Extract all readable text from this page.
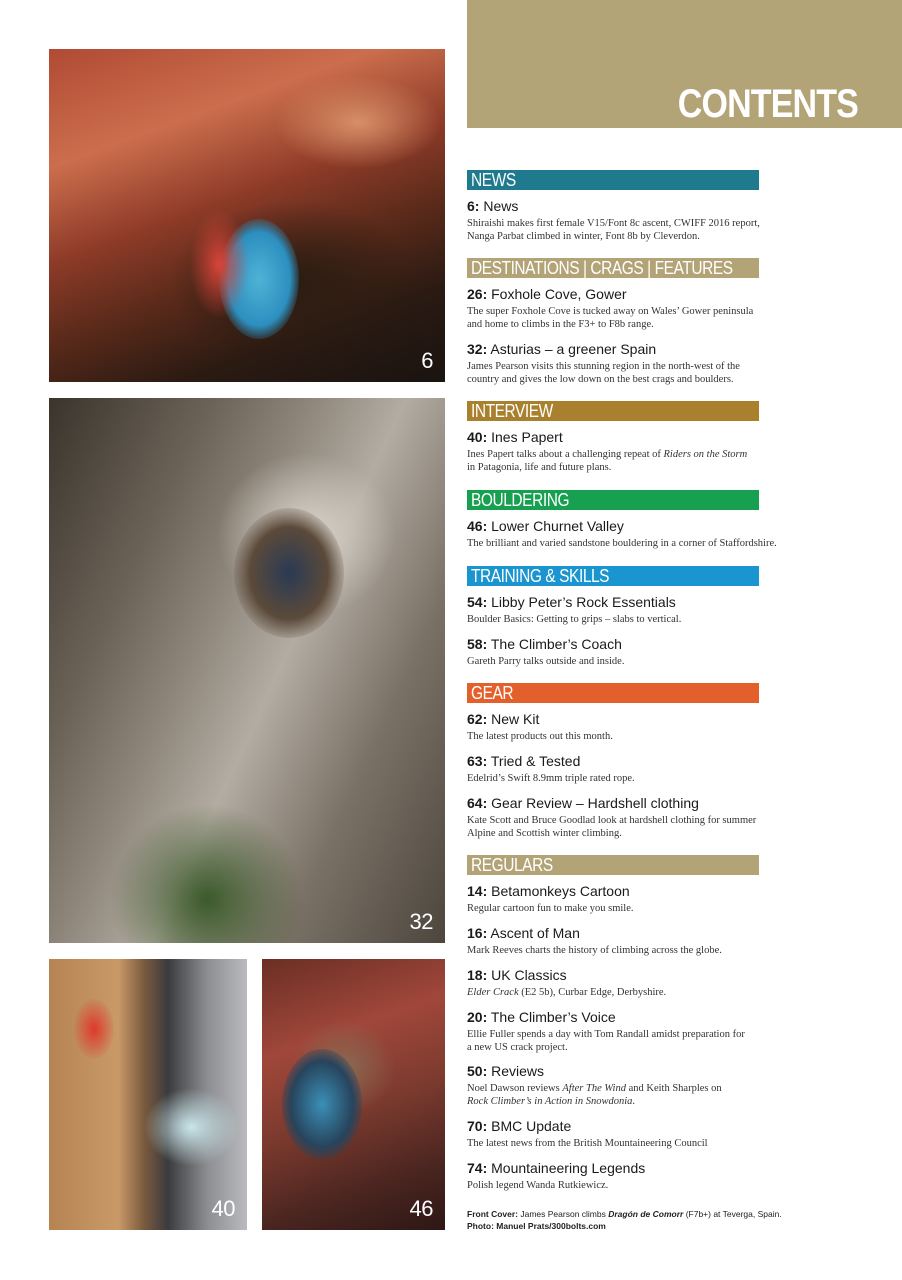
6
32
40	46
CONTENTS
NEWS
6: News
Shiraishi makes first female V15/Font 8c ascent, CWIFF 2016 report,
Nanga Parbat climbed in winter, Font 8b by Cleverdon.
DESTINATIONS | CRAGS | FEATURES
26: Foxhole Cove, Gower
The super Foxhole Cove is tucked away on Wales’ Gower peninsula
and home to climbs in the F3+ to F8b range.
32: Asturias – a greener Spain
James Pearson visits this stunning region in the north-west of the
country and gives the low down on the best crags and boulders.
INTERVIEW
40: Ines Papert
Ines Papert talks about a challenging repeat of Riders on the Storm
in Patagonia, life and future plans.
BOULDERING
46: Lower Churnet Valley
The brilliant and varied sandstone bouldering in a corner of Staffordshire.
TRAINING & SKILLS
54: Libby Peter’s Rock Essentials
Boulder Basics: Getting to grips – slabs to vertical.
58: The Climber’s Coach
Gareth Parry talks outside and inside.
GEAR
62: New Kit
The latest products out this month.
63: Tried & Tested
Edelrid’s Swift 8.9mm triple rated rope.
64: Gear Review – Hardshell clothing
Kate Scott and Bruce Goodlad look at hardshell clothing for summer
Alpine and Scottish winter climbing.
REGULARS
14: Betamonkeys Cartoon
Regular cartoon fun to make you smile.
16: Ascent of Man
Mark Reeves charts the history of climbing across the globe.
18: UK Classics
Elder Crack (E2 5b), Curbar Edge, Derbyshire.
20: The Climber’s Voice
Ellie Fuller spends a day with Tom Randall amidst preparation for
a new US crack project.
50: Reviews
Noel Dawson reviews After The Wind and Keith Sharples on
Rock Climber’s in Action in Snowdonia.
70: BMC Update
The latest news from the British Mountaineering Council
74: Mountaineering Legends
Polish legend Wanda Rutkiewicz.
Front Cover: James Pearson climbs Dragón de Comorr (F7b+) at Teverga, Spain.
Photo: Manuel Prats/300bolts.com
